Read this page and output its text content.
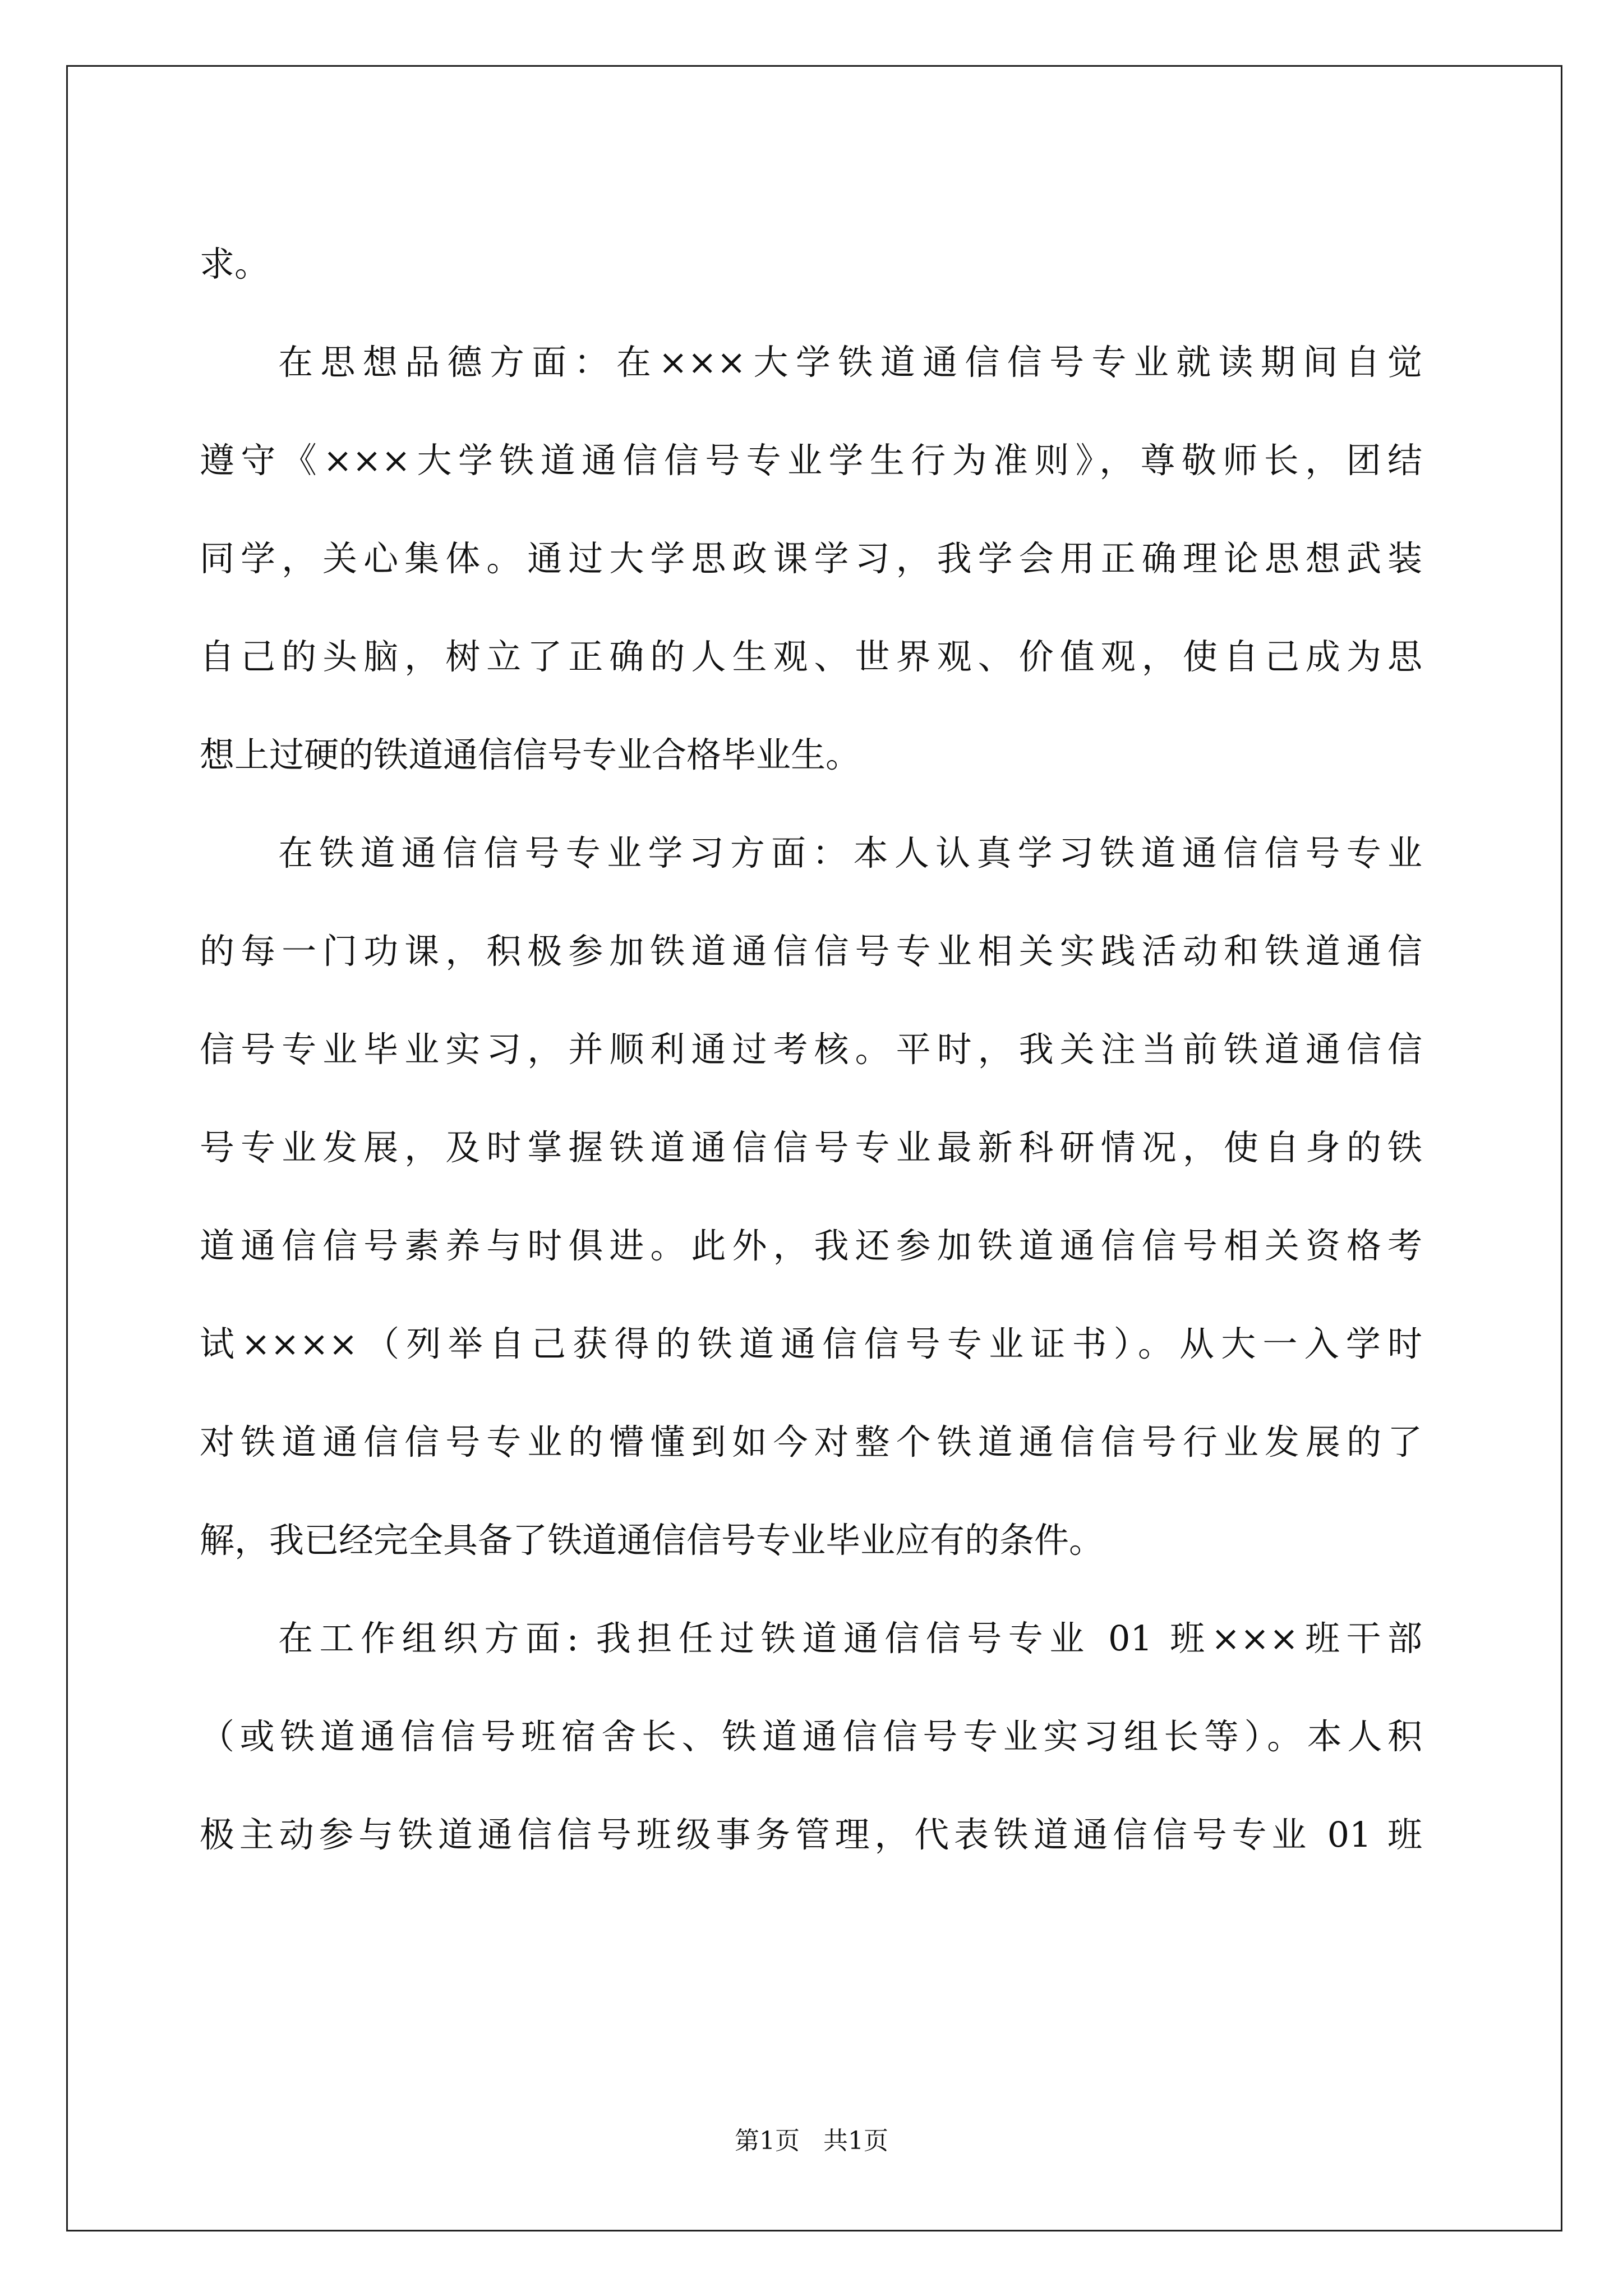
求。
在思想品德方面：在×××大学铁道通信信号专业就读期间自觉
遵守《×××大学铁道通信信号专业学生行为准则》，尊敬师长，团结
同学，关心集体。通过大学思政课学习，我学会用正确理论思想武装
自己的头脑，树立了正确的人生观、世界观、价值观，使自己成为思
想上过硬的铁道通信信号专业合格毕业生。
在铁道通信信号专业学习方面：本人认真学习铁道通信信号专业
的每一门功课，积极参加铁道通信信号专业相关实践活动和铁道通信
信号专业毕业实习，并顺利通过考核。平时，我关注当前铁道通信信
号专业发展，及时掌握铁道通信信号专业最新科研情况，使自身的铁
道通信信号素养与时俱进。此外，我还参加铁道通信信号相关资格考
试××××（列举自己获得的铁道通信信号专业证书）。从大一入学时
对铁道通信信号专业的懵懂到如今对整个铁道通信信号行业发展的了
解，我已经完全具备了铁道通信信号专业毕业应有的条件。
在工作组织方面: 我担任过铁道通信信号专业 01 班×××班干部
（或铁道通信信号班宿舍长、铁道通信信号专业实习组长等）。本人积
极主动参与铁道通信信号班级事务管理，代表铁道通信信号专业 01 班
第1页   共1页
